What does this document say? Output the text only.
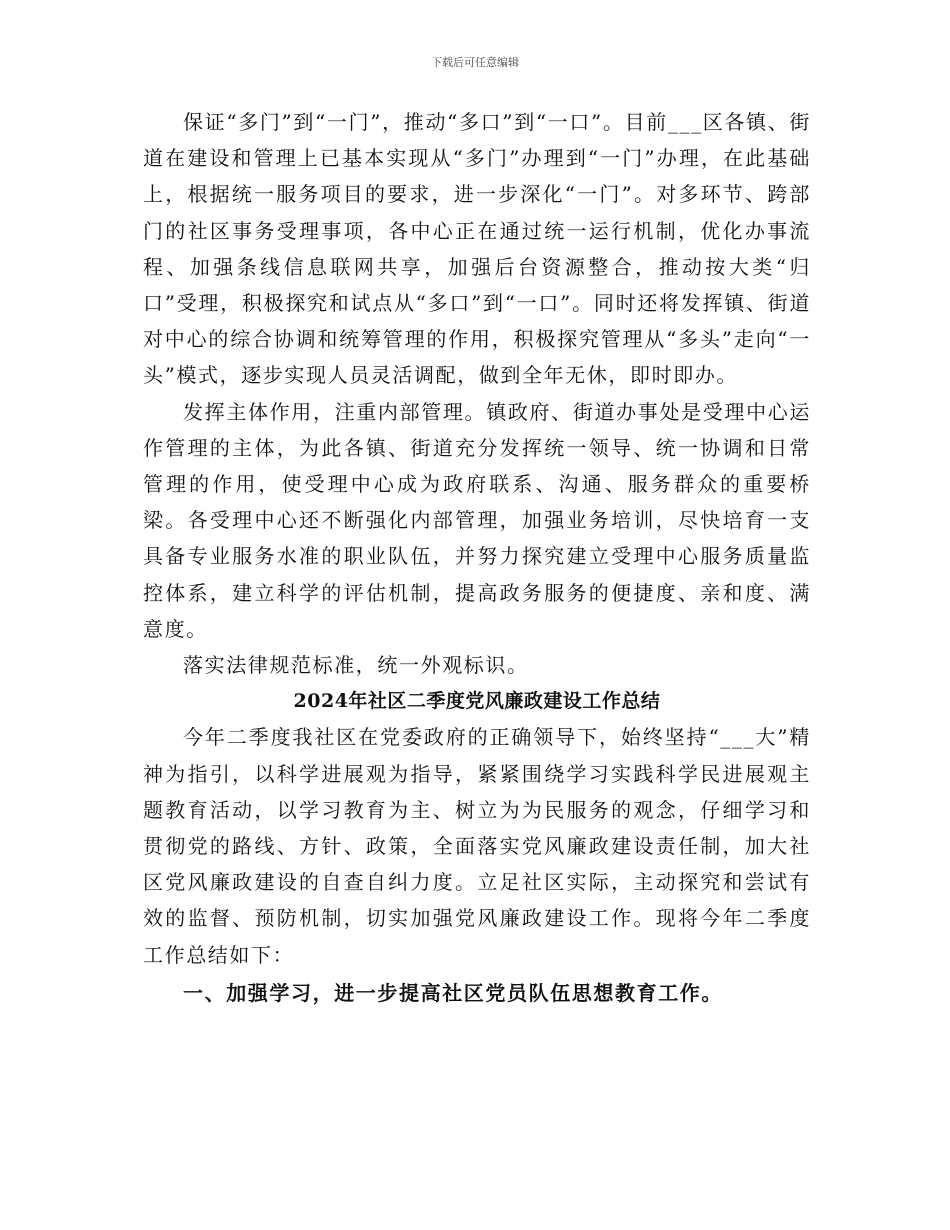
下载后可任意编辑

保证“多门”到“一门”，推动“多口”到“一口”。目前___区各镇、街道在建设和管理上已基本实现从“多门”办理到“一门”办理，在此基础上，根据统一服务项目的要求，进一步深化“一门”。对多环节、跨部门的社区事务受理事项，各中心正在通过统一运行机制，优化办事流程、加强条线信息联网共享，加强后台资源整合，推动按大类“归口”受理，积极探究和试点从“多口”到“一口”。同时还将发挥镇、街道对中心的综合协调和统筹管理的作用，积极探究管理从“多头”走向“一头”模式，逐步实现人员灵活调配，做到全年无休，即时即办。

发挥主体作用，注重内部管理。镇政府、街道办事处是受理中心运作管理的主体，为此各镇、街道充分发挥统一领导、统一协调和日常管理的作用，使受理中心成为政府联系、沟通、服务群众的重要桥梁。各受理中心还不断强化内部管理，加强业务培训，尽快培育一支具备专业服务水准的职业队伍，并努力探究建立受理中心服务质量监控体系，建立科学的评估机制，提高政务服务的便捷度、亲和度、满意度。

落实法律规范标准，统一外观标识。

2024年社区二季度党风廉政建设工作总结

今年二季度我社区在党委政府的正确领导下，始终坚持“___大”精神为指引，以科学进展观为指导，紧紧围绕学习实践科学民进展观主题教育活动，以学习教育为主、树立为为民服务的观念，仔细学习和贯彻党的路线、方针、政策，全面落实党风廉政建设责任制，加大社区党风廉政建设的自查自纠力度。立足社区实际，主动探究和尝试有效的监督、预防机制，切实加强党风廉政建设工作。现将今年二季度工作总结如下：

一、加强学习，进一步提高社区党员队伍思想教育工作。
